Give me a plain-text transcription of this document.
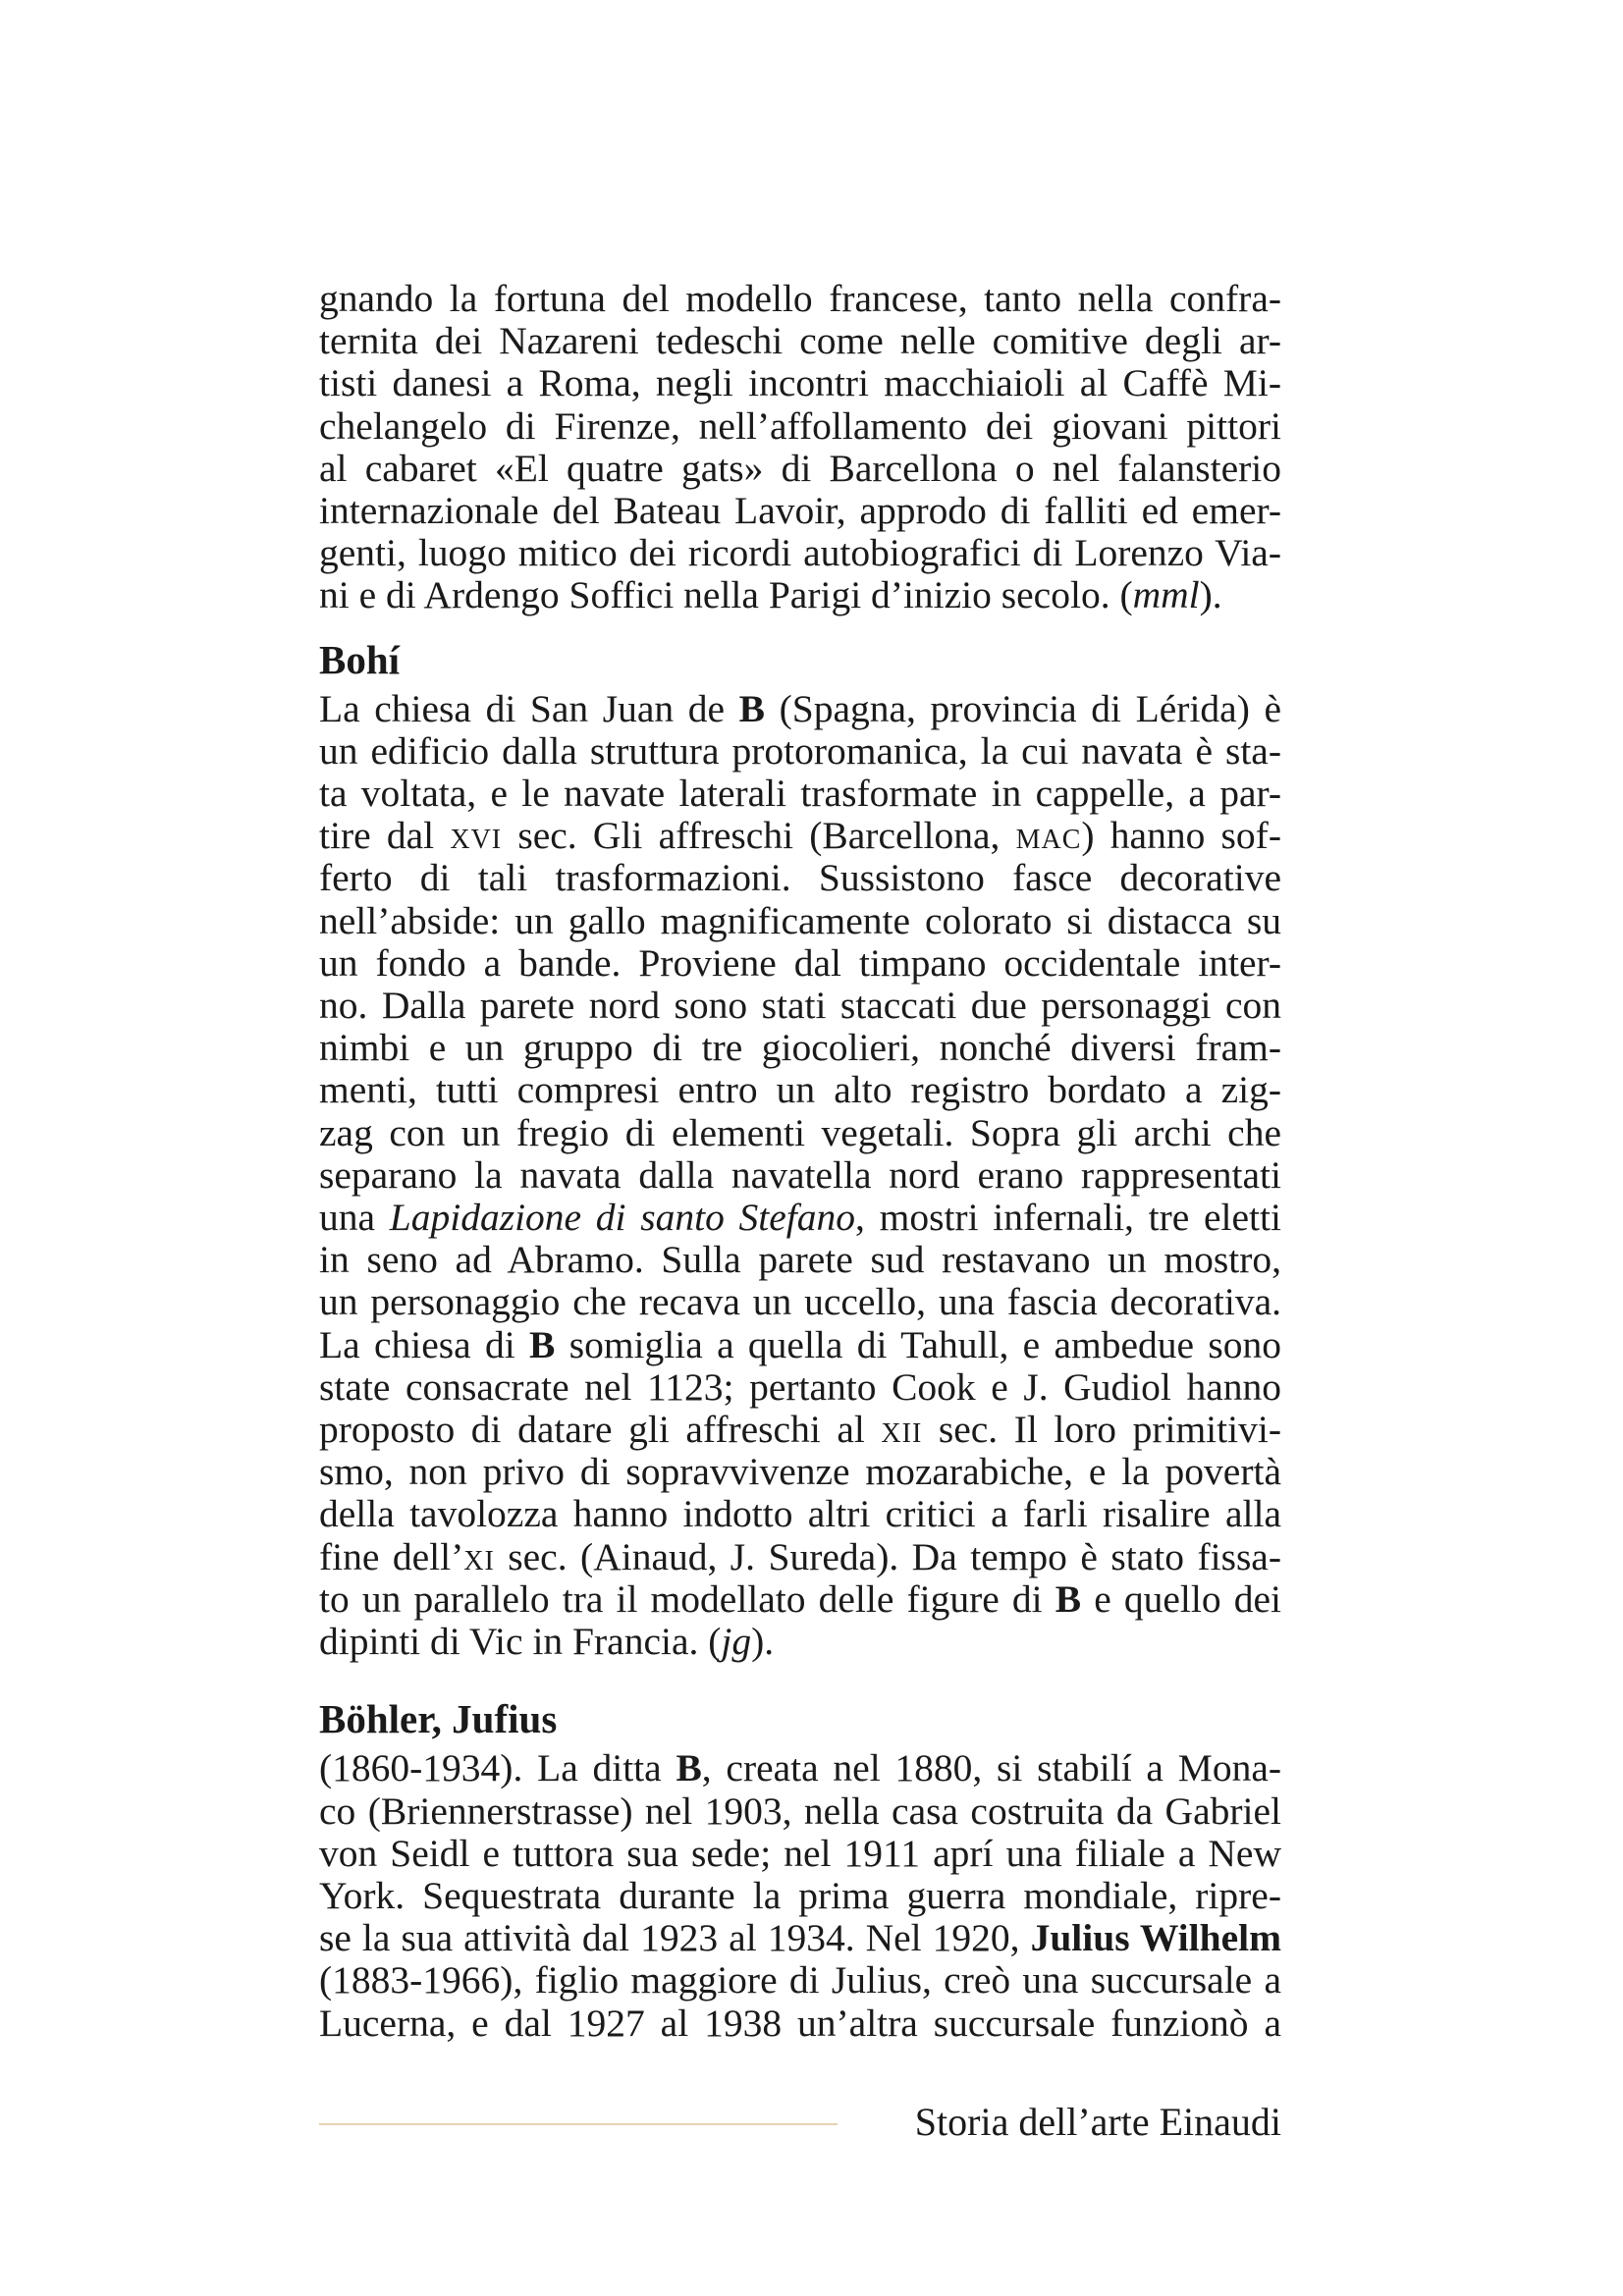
gnando la fortuna del modello francese, tanto nella confra-
ternita dei Nazareni tedeschi come nelle comitive degli ar-
tisti danesi a Roma, negli incontri macchiaioli al Caffè Mi-
chelangelo di Firenze, nell’affollamento dei giovani pittori
al cabaret «El quatre gats» di Barcellona o nel falansterio
internazionale del Bateau Lavoir, approdo di falliti ed emer-
genti, luogo mitico dei ricordi autobiografici di Lorenzo Via-
ni e di Ardengo Soffici nella Parigi d’inizio secolo. (mml).
Bohí
La chiesa di San Juan de B (Spagna, provincia di Lérida) è
un edificio dalla struttura protoromanica, la cui navata è sta-
ta voltata, e le navate laterali trasformate in cappelle, a par-
tire dal xvi sec. Gli affreschi (Barcellona, mac) hanno sof-
ferto di tali trasformazioni. Sussistono fasce decorative
nell’abside: un gallo magnificamente colorato si distacca su
un fondo a bande. Proviene dal timpano occidentale inter-
no. Dalla parete nord sono stati staccati due personaggi con
nimbi e un gruppo di tre giocolieri, nonché diversi fram-
menti, tutti compresi entro un alto registro bordato a zig-
zag con un fregio di elementi vegetali. Sopra gli archi che
separano la navata dalla navatella nord erano rappresentati
una Lapidazione di santo Stefano, mostri infernali, tre eletti
in seno ad Abramo. Sulla parete sud restavano un mostro,
un personaggio che recava un uccello, una fascia decorativa.
La chiesa di B somiglia a quella di Tahull, e ambedue sono
state consacrate nel 1123; pertanto Cook e J. Gudiol hanno
proposto di datare gli affreschi al xii sec. Il loro primitivi-
smo, non privo di sopravvivenze mozarabiche, e la povertà
della tavolozza hanno indotto altri critici a farli risalire alla
fine dell’xi sec. (Ainaud, J. Sureda). Da tempo è stato fissa-
to un parallelo tra il modellato delle figure di B e quello dei
dipinti di Vic in Francia. (jg).
Böhler, Jufius
(1860-1934). La ditta B, creata nel 1880, si stabilí a Mona-
co (Briennerstrasse) nel 1903, nella casa costruita da Gabriel
von Seidl e tuttora sua sede; nel 1911 aprí una filiale a New
York. Sequestrata durante la prima guerra mondiale, ripre-
se la sua attività dal 1923 al 1934. Nel 1920, Julius Wilhelm
(1883-1966), figlio maggiore di Julius, creò una succursale a
Lucerna, e dal 1927 al 1938 un’altra succursale funzionò a
Storia dell’arte Einaudi
